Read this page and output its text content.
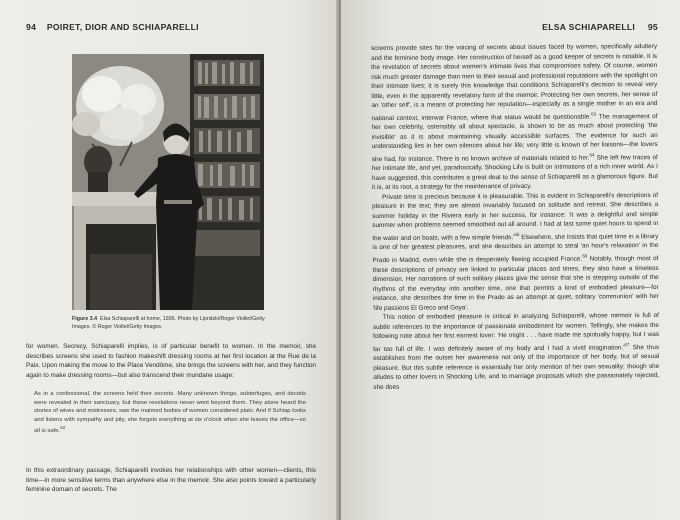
94 POIRET, DIOR AND SCHIAPARELLI
Figure 3.4 Elsa Schiaparelli at home, 1936. Photo by Lipnitzki/Roger Viollet/Getty Images. © Roger Viollet/Getty Images.

for women. Secrecy, Schiaparelli implies, is of particular benefit to women. In the memoir, she describes screens she used to fashion makeshift dressing rooms at her first location at the Rue de la Paix. Upon making the move to the Place Vendôme, she brings the screens with her, and they function again to make dressing rooms—but also transcend their mundane usage:

As in a confessional, the screens held their secrets. Many unknown things, subterfuges, and deceits were revealed in their sanctuary, but these revelations never went beyond them. They alone heard the stories of wives and mistresses, saw the maimed bodies of women considered plain. And if Schiap looks and listens with sympathy and pity, she forgets everything at six o'clock when she leaves the office—so all is safe.$^{62}$

In this extraordinary passage, Schiaparelli invokes her relationships with other women—clients, this time—in more sensitive terms than anywhere else in the memoir. She also points toward a particularly feminine domain of secrets. The

ELSA SCHIAPARELLI 95

screens provide sites for the voicing of secrets about issues faced by women, specifically adultery and the feminine body image. Her construction of herself as a good keeper of secrets is notable. It is the revelation of secrets about women's intimate lives that compromises safety. Of course, women risk much greater damage than men to their sexual and professional reputations with the spotlight on their intimate lives; it is surely this knowledge that conditions Schiaparelli's decision to reveal very little, even in the apparently revelatory form of the memoir. Protecting her own secrets, her sense of an 'other self', is a means of protecting her reputation—especially as a single mother in an era and national context, interwar France, where that status would be questionable.$^{63}$ The management of her own celebrity, ostensibly all about spectacle, is shown to be as much about protecting 'the invisible' as it is about maintaining visually accessible surfaces. The evidence for such an understanding lies in her own silences about her life; very little is known of her liaisons—the lovers she had, for instance. There is no known archive of materials related to her.$^{64}$ She left few traces of her intimate life, and yet, paradoxically, Shocking Life is built on intimations of a rich inner world. As I have suggested, this contributes a great deal to the sense of Schiaparelli as a glamorous figure. But it is, at its root, a strategy for the maintenance of privacy.

Private time is precious because it is pleasurable. This is evident in Schiaparelli's descriptions of pleasure in the text; they are almost invariably focused on solitude and retreat. She describes a summer holiday in the Riviera early in her success, for instance: 'it was a delightful and simple summer when problems seemed smoothed out all around. I had at last some quiet hours to spend in the water and on boats, with a few simple $friends.'^{65}$ Elsewhere, she insists that quiet time in a library is one of her greatest pleasures, and she describes an attempt to steal 'an hour's relaxation' in the Prado in Madrid, even while she is desperately fleeing occupied France.$^{66}$ Notably, though most of these descriptions of privacy are linked to particular places and times, they also have a timeless dimension. Her narrations of such solitary places give the sense that she is stepping outside of the rhythms of the everyday into another time, one that permits a kind of embodied pleasure—for instance, she describes the time in the Prado as an attempt at quiet, solitary 'communion' with her 'life passions El Greco and Goya'.

This notion of embodied pleasure is critical in analyzing Schiaparelli, whose memoir is full of subtle references to the importance of passionate embodiment for women. Tellingly, she makes the following note about her first earnest lover: 'He might . . . have made me spiritually happy, but I was far too full of life. I was definitely aware of my body and I had a vivid $imagination.'^{67}$ She thus establishes from the outset her awareness not only of the importance of her body, but of sexual pleasure. But this subtle reference is essentially her only mention of her own sexuality; though she alludes to other lovers in Shocking Life, and to marriage proposals which she passionately rejected, she does
